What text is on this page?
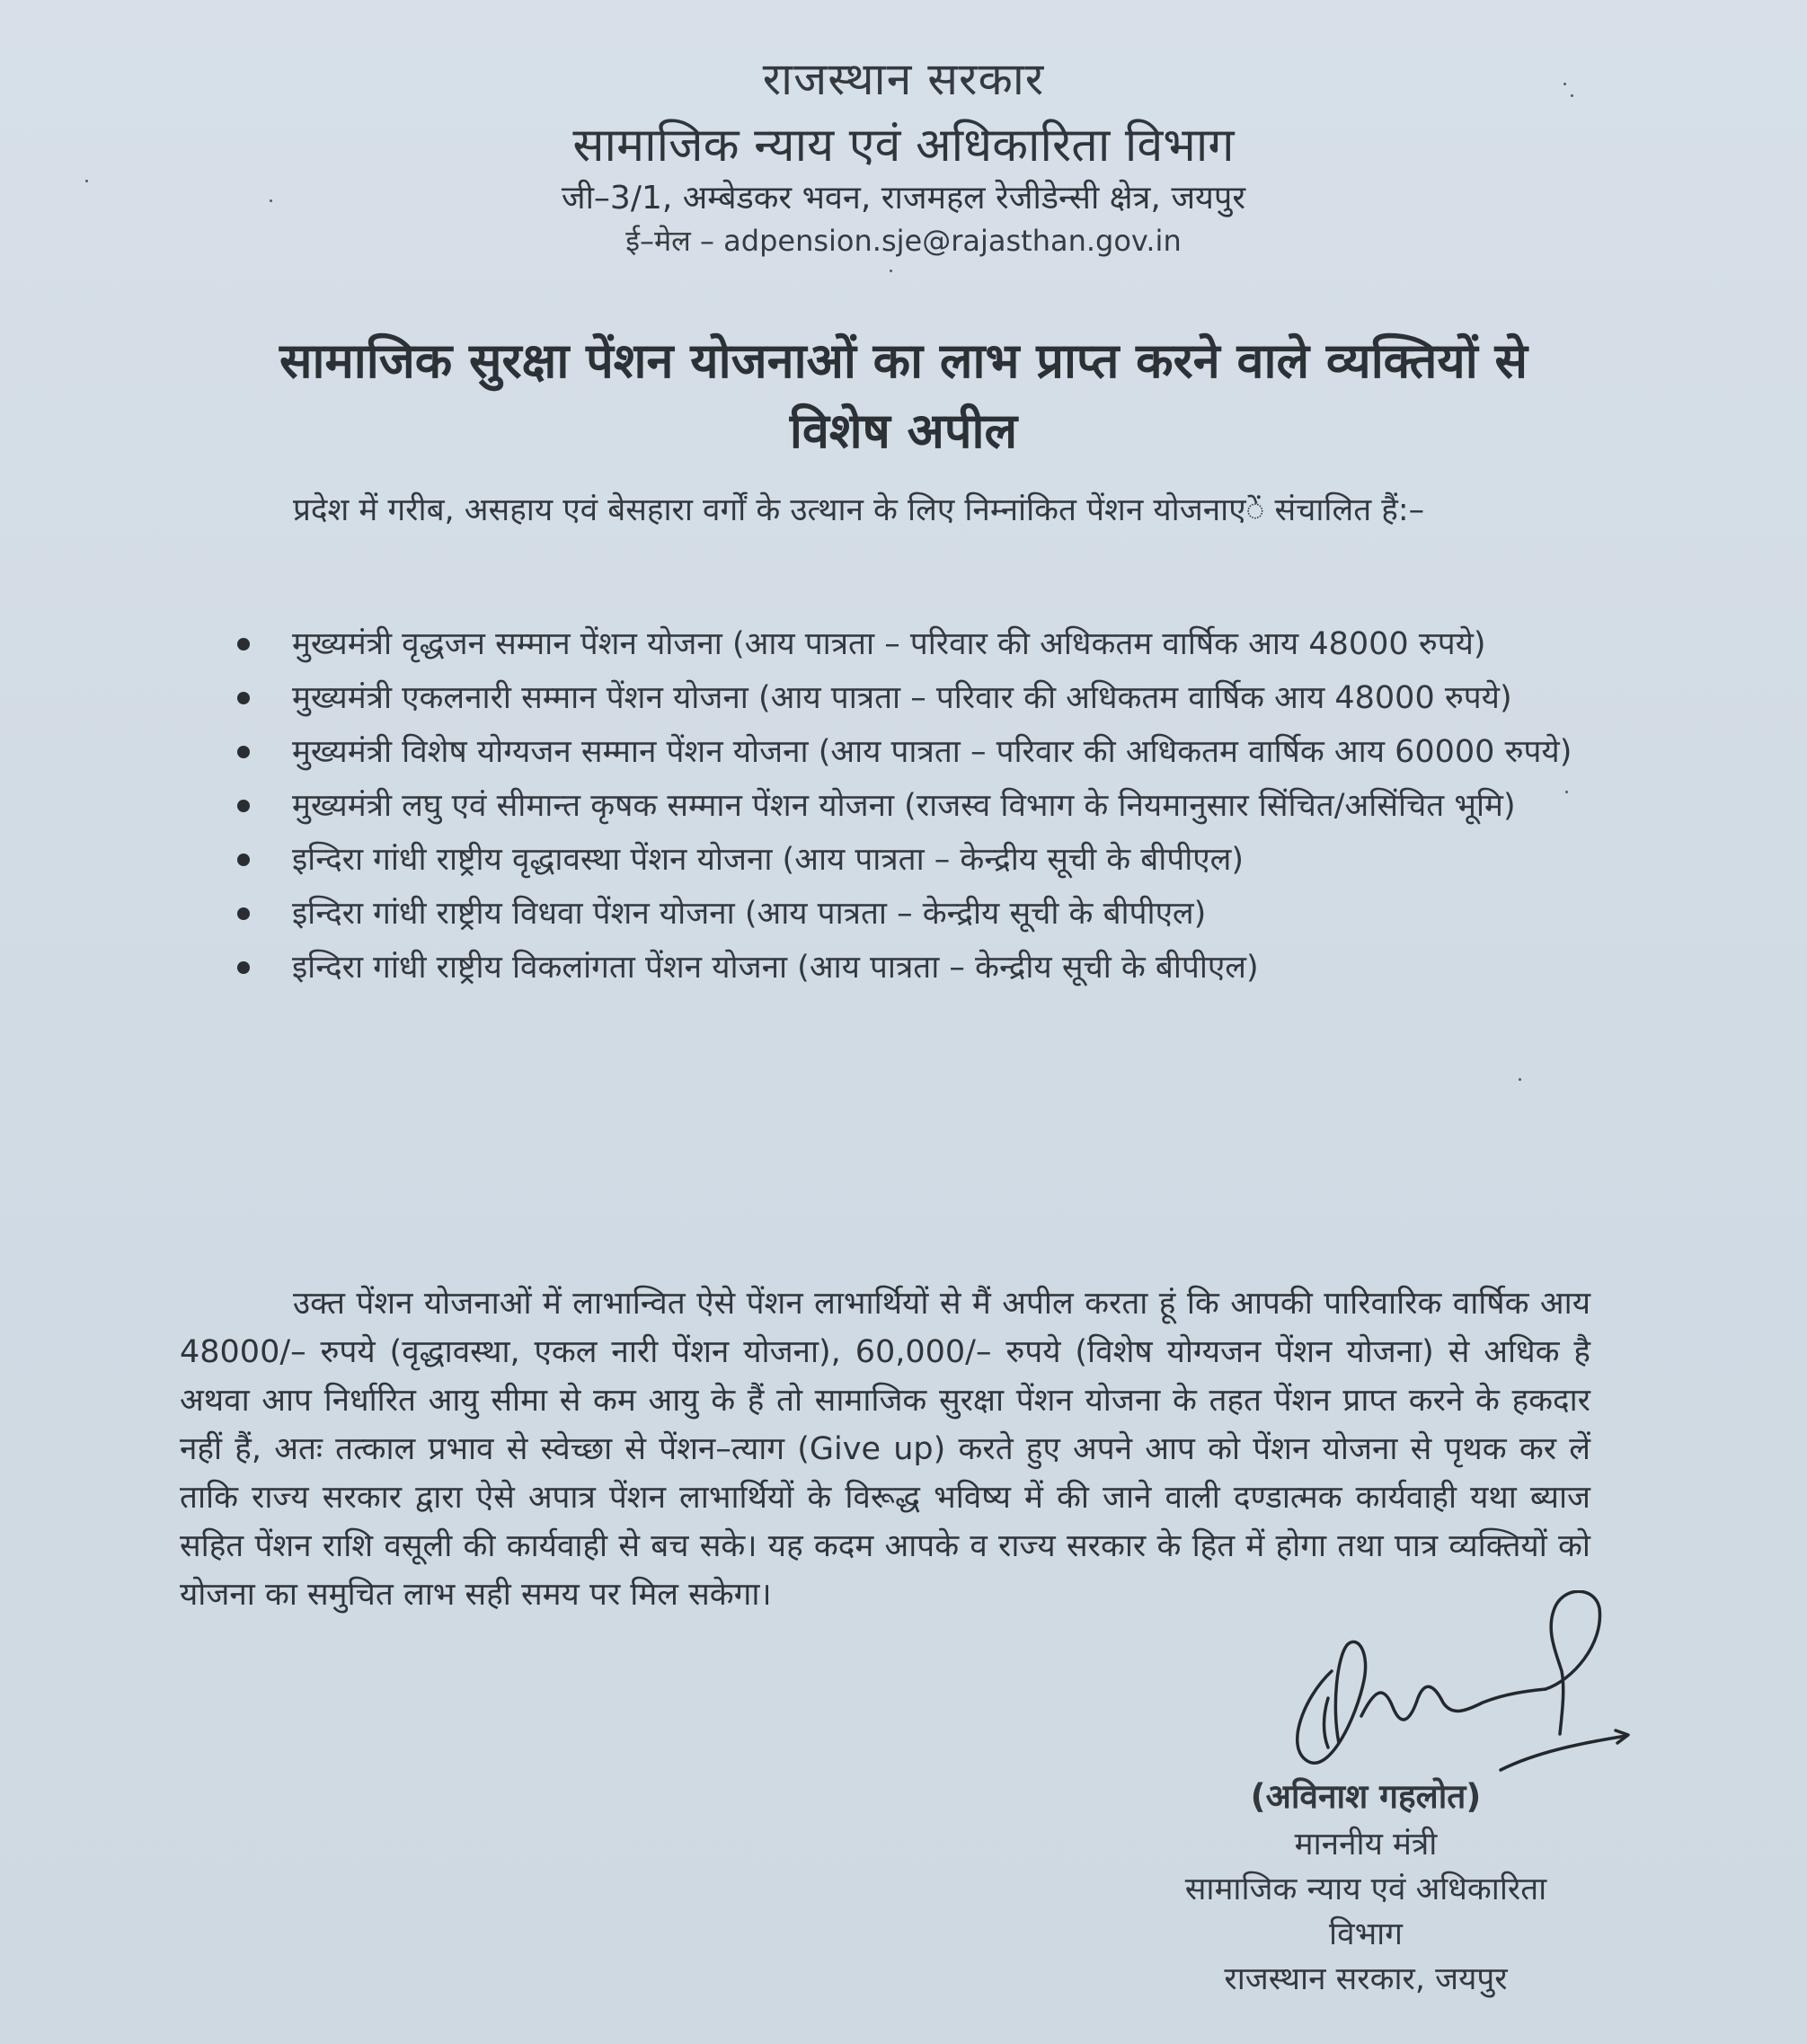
राजस्थान सरकार
सामाजिक न्याय एवं अधिकारिता विभाग
जी–3/1, अम्बेडकर भवन, राजमहल रेजीडेन्सी क्षेत्र, जयपुर
ई–मेल – adpension.sje@rajasthan.gov.in
सामाजिक सुरक्षा पेंशन योजनाओं का लाभ प्राप्त करने वाले व्यक्तियों से
विशेष अपील

प्रदेश में गरीब, असहाय एवं बेसहारा वर्गों के उत्थान के लिए निम्नांकित पेंशन योजनाएें संचालित हैं:–

मुख्यमंत्री वृद्धजन सम्मान पेंशन योजना (आय पात्रता – परिवार की अधिकतम वार्षिक आय 48000 रुपये)
मुख्यमंत्री एकलनारी सम्मान पेंशन योजना (आय पात्रता – परिवार की अधिकतम वार्षिक आय 48000 रुपये)
मुख्यमंत्री विशेष योग्यजन सम्मान पेंशन योजना (आय पात्रता – परिवार की अधिकतम वार्षिक आय 60000 रुपये)
मुख्यमंत्री लघु एवं सीमान्त कृषक सम्मान पेंशन योजना (राजस्व विभाग के नियमानुसार सिंचित/असिंचित भूमि)
इन्दिरा गांधी राष्ट्रीय वृद्धावस्था पेंशन योजना (आय पात्रता – केन्द्रीय सूची के बीपीएल)
इन्दिरा गांधी राष्ट्रीय विधवा पेंशन योजना (आय पात्रता – केन्द्रीय सूची के बीपीएल)
इन्दिरा गांधी राष्ट्रीय विकलांगता पेंशन योजना (आय पात्रता – केन्द्रीय सूची के बीपीएल)

उक्त पेंशन योजनाओं में लाभान्वित ऐसे पेंशन लाभार्थियों से मैं अपील करता हूं कि आपकी पारिवारिक वार्षिक आय 48000/– रुपये (वृद्धावस्था, एकल नारी पेंशन योजना), 60,000/– रुपये (विशेष योग्यजन पेंशन योजना) से अधिक है अथवा आप निर्धारित आयु सीमा से कम आयु के हैं तो सामाजिक सुरक्षा पेंशन योजना के तहत पेंशन प्राप्त करने के हकदार नहीं हैं, अतः तत्काल प्रभाव से स्वेच्छा से पेंशन–त्याग (Give up) करते हुए अपने आप को पेंशन योजना से पृथक कर लें ताकि राज्य सरकार द्वारा ऐसे अपात्र पेंशन लाभार्थियों के विरूद्ध भविष्य में की जाने वाली दण्डात्मक कार्यवाही यथा ब्याज सहित पेंशन राशि वसूली की कार्यवाही से बच सके। यह कदम आपके व राज्य सरकार के हित में होगा तथा पात्र व्यक्तियों को योजना का समुचित लाभ सही समय पर मिल सकेगा।

(अविनाश गहलोत)
माननीय मंत्री
सामाजिक न्याय एवं अधिकारिता
विभाग
राजस्थान सरकार, जयपुर
